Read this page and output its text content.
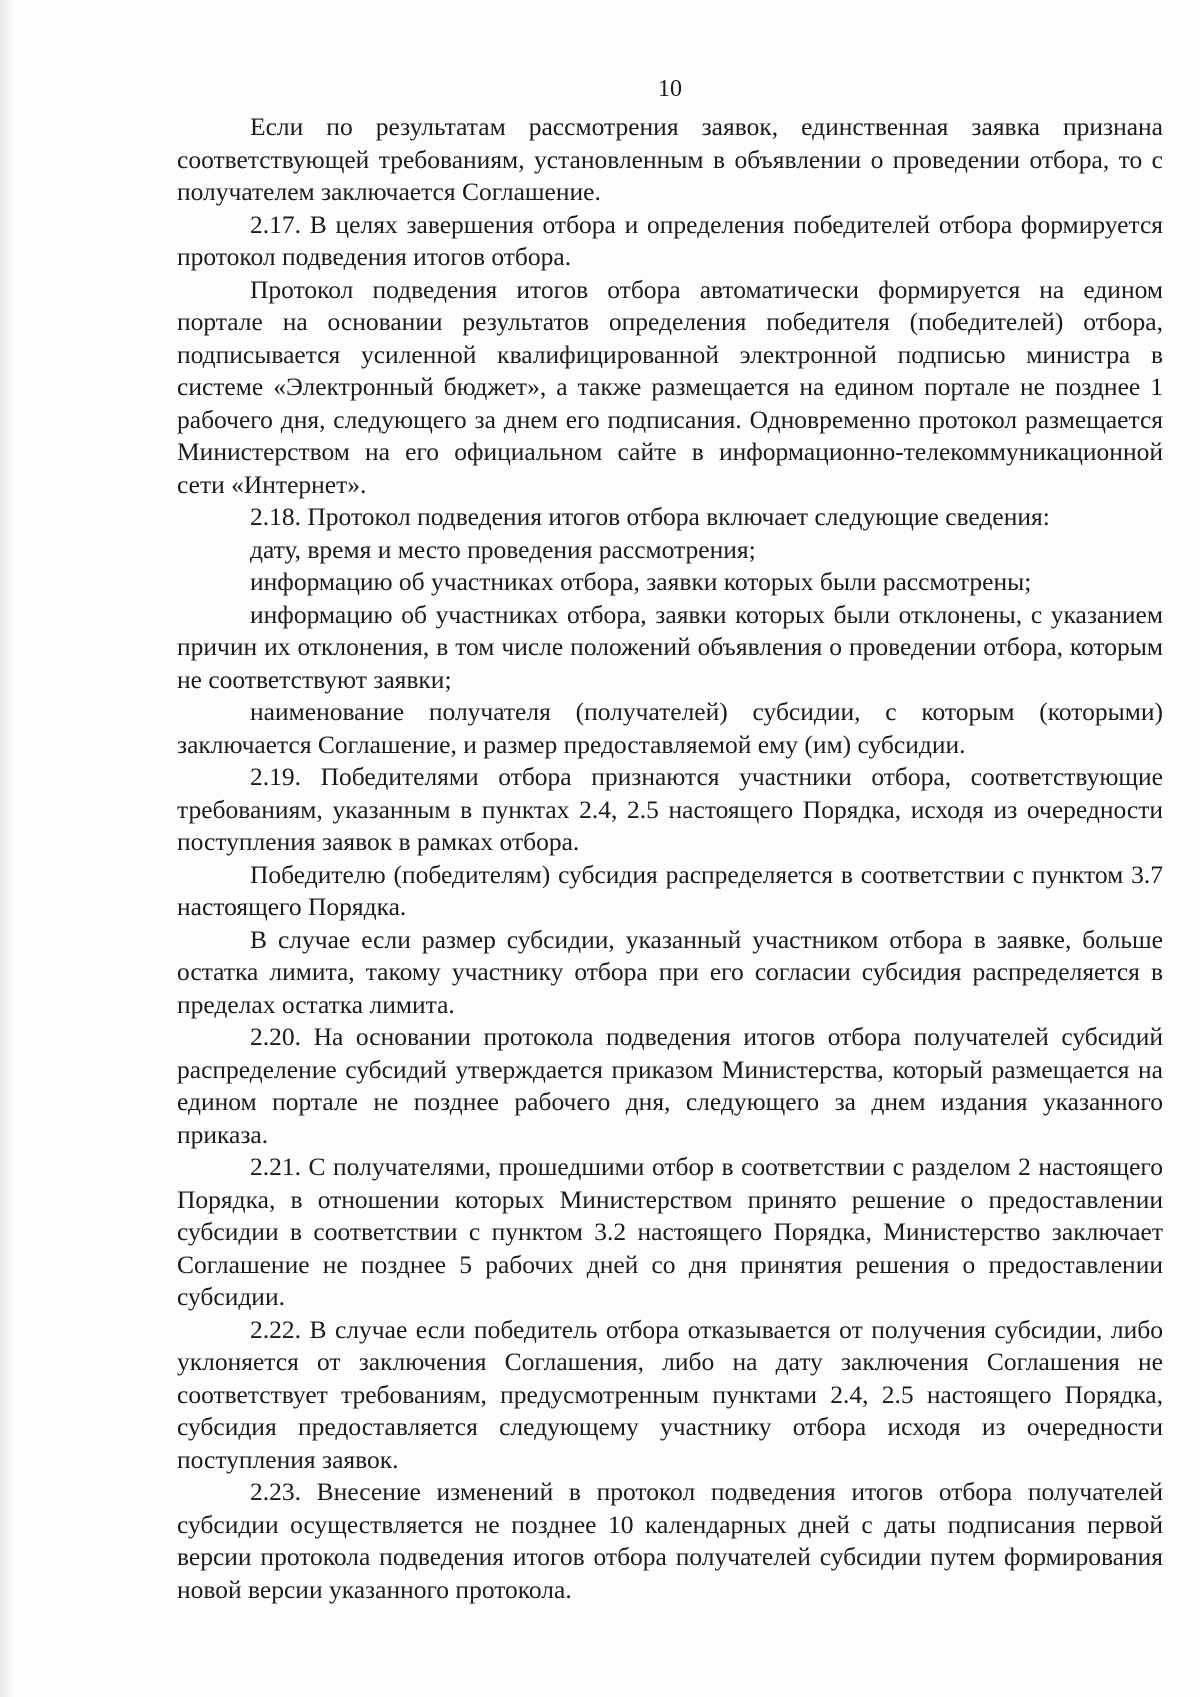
10

Если по результатам рассмотрения заявок, единственная заявка признана соответствующей требованиям, установленным в объявлении о проведении отбора, то с получателем заключается Соглашение.

2.17. В целях завершения отбора и определения победителей отбора формируется протокол подведения итогов отбора.

Протокол подведения итогов отбора автоматически формируется на едином портале на основании результатов определения победителя (победителей) отбора, подписывается усиленной квалифицированной электронной подписью министра в системе «Электронный бюджет», а также размещается на едином портале не позднее 1 рабочего дня, следующего за днем его подписания. Одновременно протокол размещается Министерством на его официальном сайте в информационно-телекоммуникационной сети «Интернет».

2.18. Протокол подведения итогов отбора включает следующие сведения:

дату, время и место проведения рассмотрения;

информацию об участниках отбора, заявки которых были рассмотрены;

информацию об участниках отбора, заявки которых были отклонены, с указанием причин их отклонения, в том числе положений объявления о проведении отбора, которым не соответствуют заявки;

наименование получателя (получателей) субсидии, с которым (которыми) заключается Соглашение, и размер предоставляемой ему (им) субсидии.

2.19. Победителями отбора признаются участники отбора, соответствующие требованиям, указанным в пунктах 2.4, 2.5 настоящего Порядка, исходя из очередности поступления заявок в рамках отбора.

Победителю (победителям) субсидия распределяется в соответствии с пунктом 3.7 настоящего Порядка.

В случае если размер субсидии, указанный участником отбора в заявке, больше остатка лимита, такому участнику отбора при его согласии субсидия распределяется в пределах остатка лимита.

2.20. На основании протокола подведения итогов отбора получателей субсидий распределение субсидий утверждается приказом Министерства, который размещается на едином портале не позднее рабочего дня, следующего за днем издания указанного приказа.

2.21. С получателями, прошедшими отбор в соответствии с разделом 2 настоящего Порядка, в отношении которых Министерством принято решение о предоставлении субсидии в соответствии с пунктом 3.2 настоящего Порядка, Министерство заключает Соглашение не позднее 5 рабочих дней со дня принятия решения о предоставлении субсидии.

2.22. В случае если победитель отбора отказывается от получения субсидии, либо уклоняется от заключения Соглашения, либо на дату заключения Соглашения не соответствует требованиям, предусмотренным пунктами 2.4, 2.5 настоящего Порядка, субсидия предоставляется следующему участнику отбора исходя из очередности поступления заявок.

2.23. Внесение изменений в протокол подведения итогов отбора получателей субсидии осуществляется не позднее 10 календарных дней с даты подписания первой версии протокола подведения итогов отбора получателей субсидии путем формирования новой версии указанного протокола.
